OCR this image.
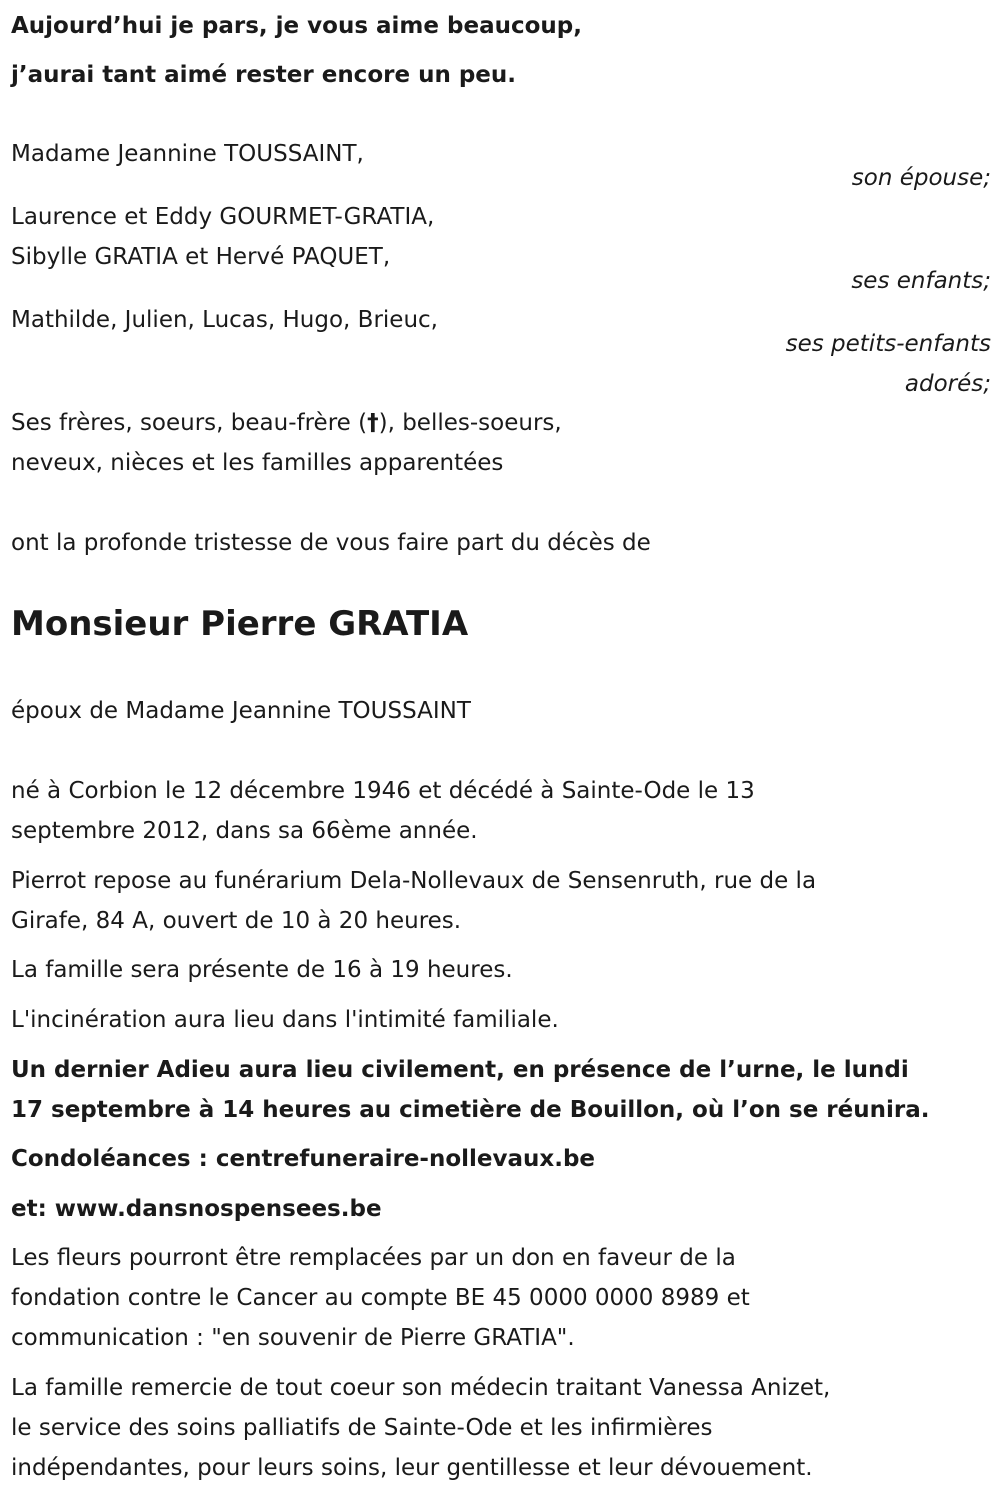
Aujourd’hui je pars, je vous aime beaucoup,

j’aurai tant aimé rester encore un peu.

Madame Jeannine TOUSSAINT,

son épouse;

Laurence et Eddy GOURMET-GRATIA,

Sibylle GRATIA et Hervé PAQUET,

ses enfants;

Mathilde, Julien, Lucas, Hugo, Brieuc,

ses petits-enfants

adorés;

Ses frères, soeurs, beau-frère (†), belles-soeurs,

neveux, nièces et les familles apparentées

ont la profonde tristesse de vous faire part du décès de

Monsieur Pierre GRATIA

époux de Madame Jeannine TOUSSAINT

né à Corbion le 12 décembre 1946 et décédé à Sainte-Ode le 13

septembre 2012, dans sa 66ème année.

Pierrot repose au funérarium Dela-Nollevaux de Sensenruth, rue de la

Girafe, 84 A, ouvert de 10 à 20 heures.

La famille sera présente de 16 à 19 heures.

L'incinération aura lieu dans l'intimité familiale.

Un dernier Adieu aura lieu civilement, en présence de l’urne, le lundi

17 septembre à 14 heures au cimetière de Bouillon, où l’on se réunira.

Condoléances : centrefuneraire-nollevaux.be

et: www.dansnospensees.be

Les fleurs pourront être remplacées par un don en faveur de la

fondation contre le Cancer au compte BE 45 0000 0000 8989 et

communication : "en souvenir de Pierre GRATIA".

La famille remercie de tout coeur son médecin traitant Vanessa Anizet,

le service des soins palliatifs de Sainte-Ode et les infirmières

indépendantes, pour leurs soins, leur gentillesse et leur dévouement.
